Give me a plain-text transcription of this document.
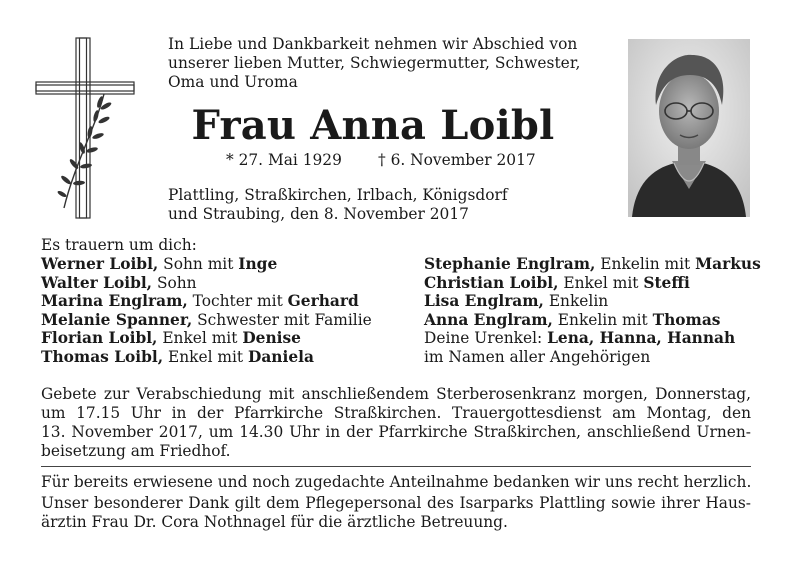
In Liebe und Dankbarkeit nehmen wir Abschied von
unserer lieben Mutter, Schwiegermutter, Schwester,
Oma und Uroma
Frau Anna Loibl
* 27. Mai 1929 † 6. November 2017
Plattling, Straßkirchen, Irlbach, Königsdorf
und Straubing, den 8. November 2017
Es trauern um dich:
Werner Loibl, Sohn mit Inge
Walter Loibl, Sohn
Marina Englram, Tochter mit Gerhard
Melanie Spanner, Schwester mit Familie
Florian Loibl, Enkel mit Denise
Thomas Loibl, Enkel mit Daniela
Stephanie Englram, Enkelin mit Markus
Christian Loibl, Enkel mit Steffi
Lisa Englram, Enkelin
Anna Englram, Enkelin mit Thomas
Deine Urenkel: Lena, Hanna, Hannah
im Namen aller Angehörigen
Gebete zur Verabschiedung mit anschließendem Sterberosenkranz morgen, Donnerstag,
um 17.15 Uhr in der Pfarrkirche Straßkirchen. Trauergottesdienst am Montag, den
13. November 2017, um 14.30 Uhr in der Pfarrkirche Straßkirchen, anschließend Urnen-
beisetzung am Friedhof.
Für bereits erwiesene und noch zugedachte Anteilnahme bedanken wir uns recht herzlich.
Unser besonderer Dank gilt dem Pflegepersonal des Isarparks Plattling sowie ihrer Haus-
ärztin Frau Dr. Cora Nothnagel für die ärztliche Betreuung.
